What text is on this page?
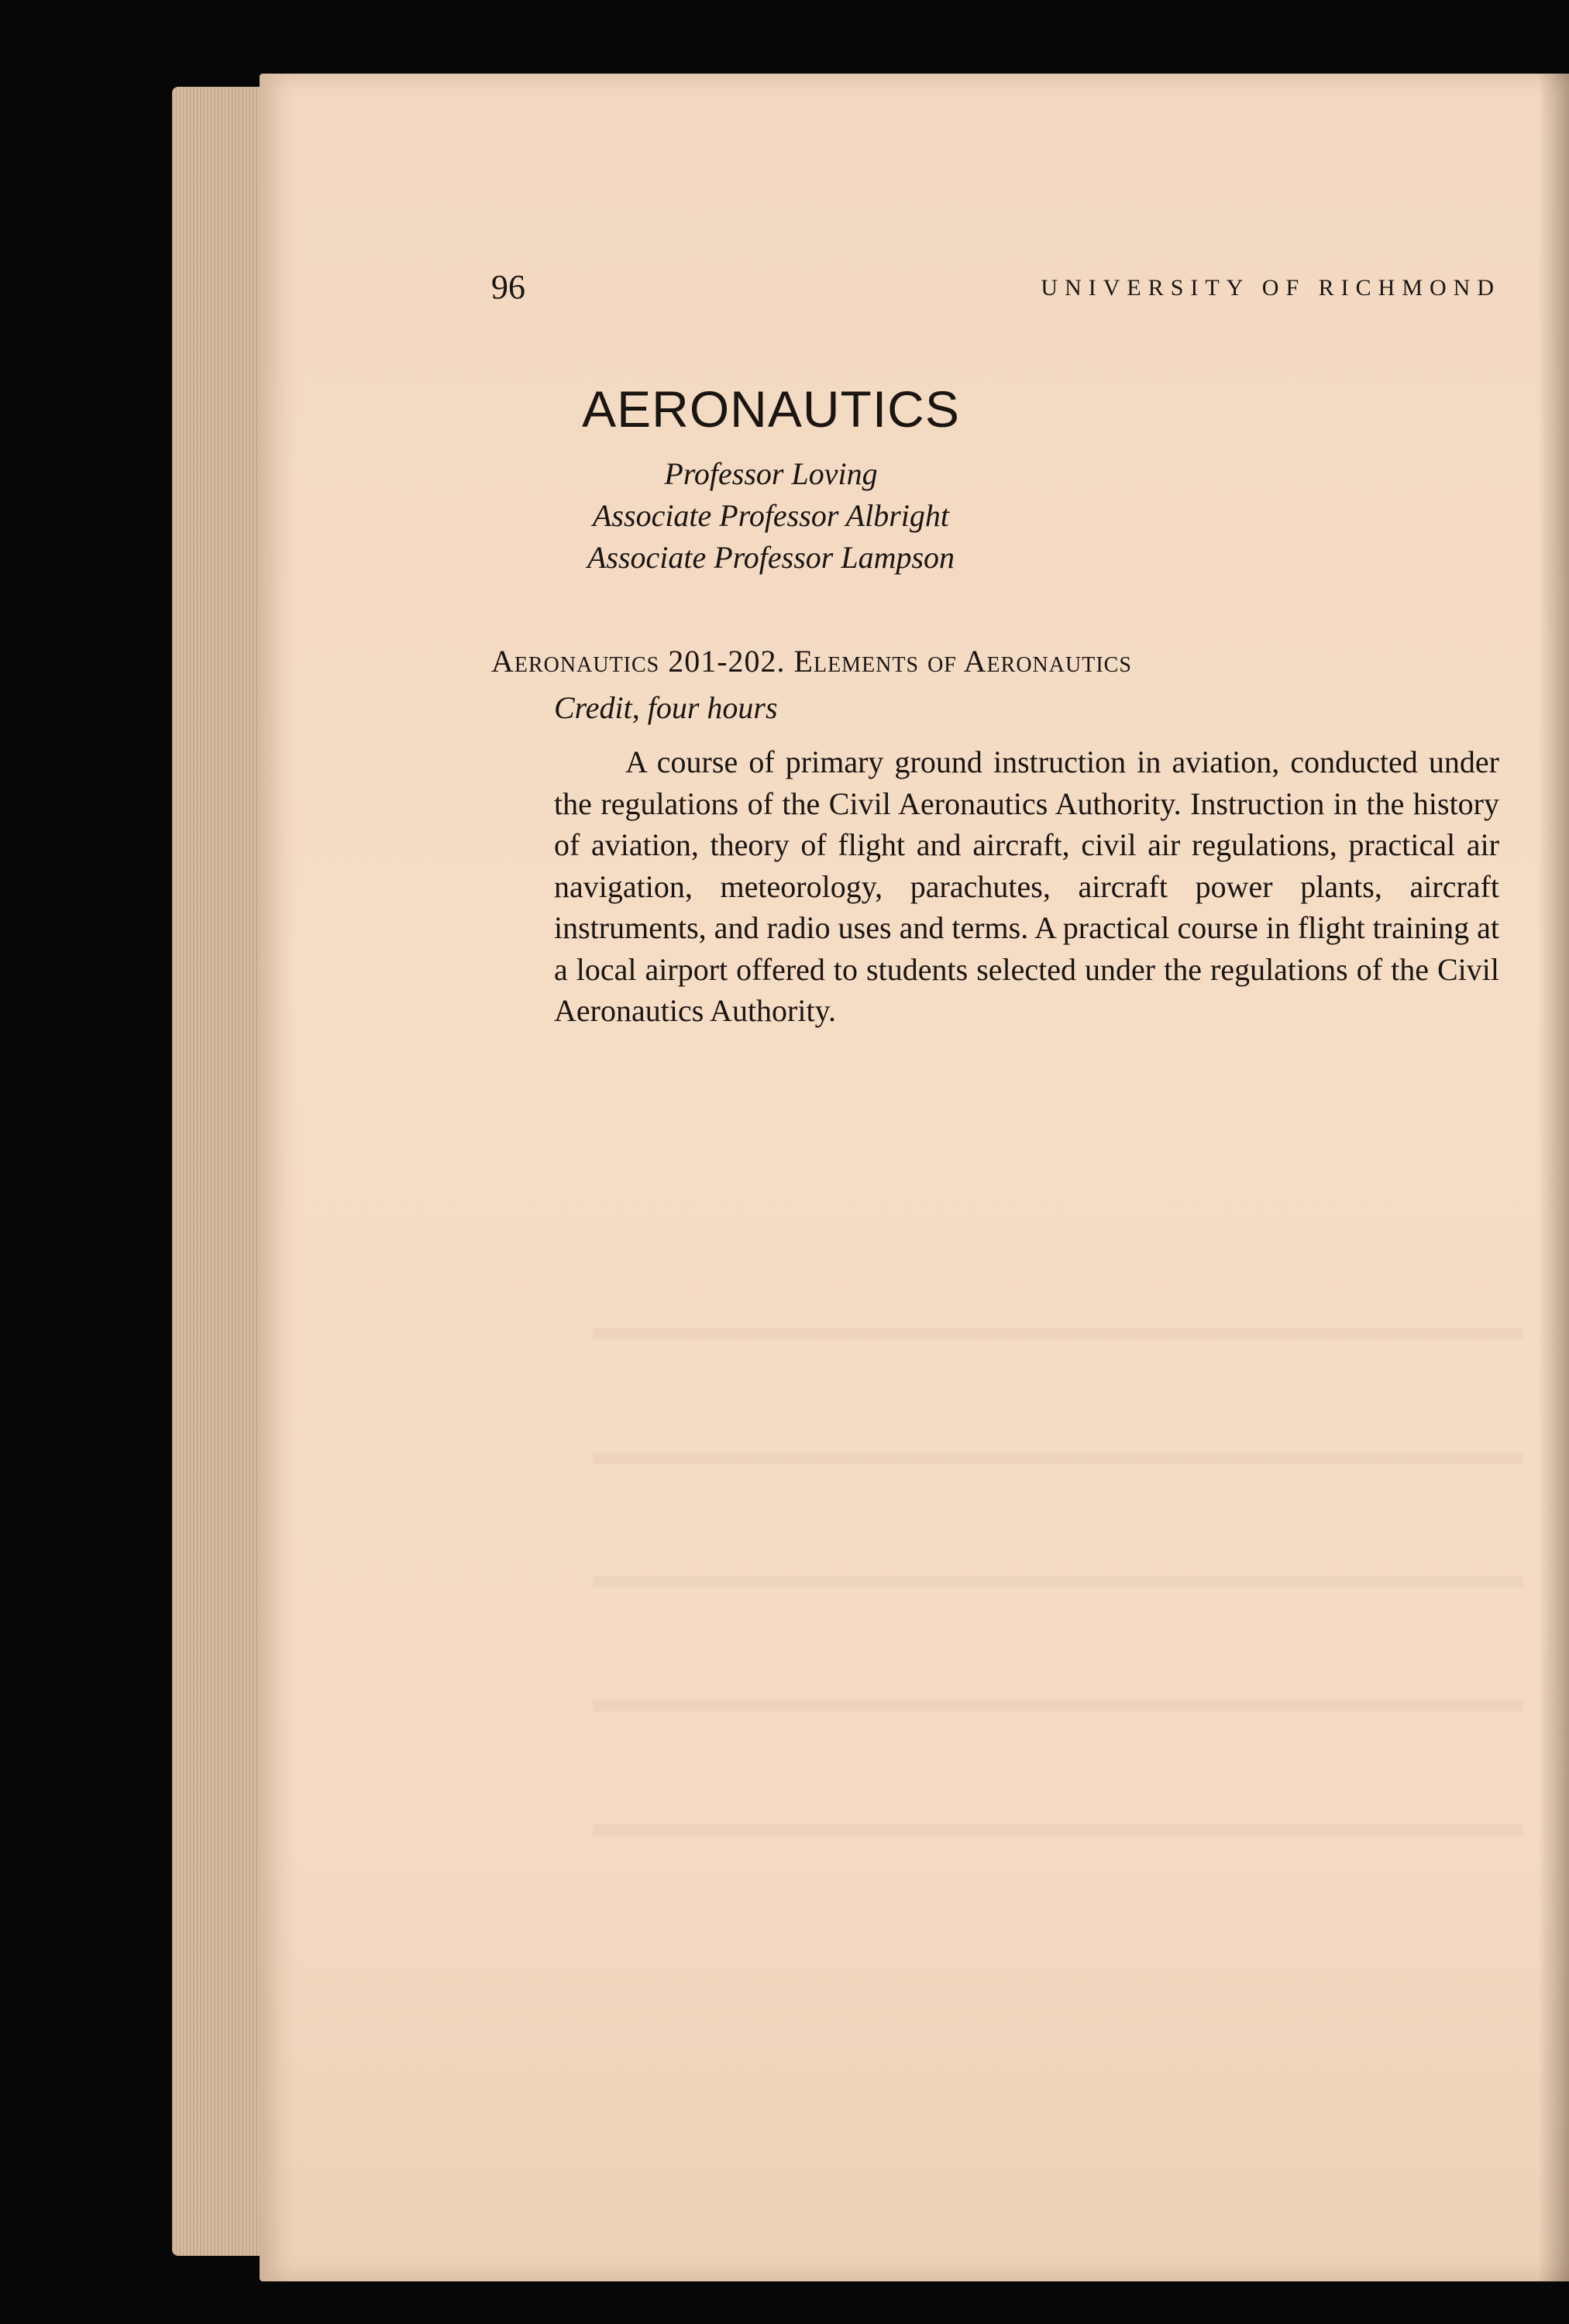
96	UNIVERSITY OF RICHMOND
AERONAUTICS
Professor Loving
Associate Professor Albright
Associate Professor Lampson
Aeronautics 201-202. Elements of Aeronautics
Credit, four hours

A course of primary ground instruction in aviation, conducted under the regulations of the Civil Aeronautics Authority. Instruction in the history of aviation, theory of flight and aircraft, civil air regulations, practical air navigation, meteorology, parachutes, aircraft power plants, aircraft instruments, and radio uses and terms. A practical course in flight training at a local airport offered to students selected under the regulations of the Civil Aeronautics Authority.
